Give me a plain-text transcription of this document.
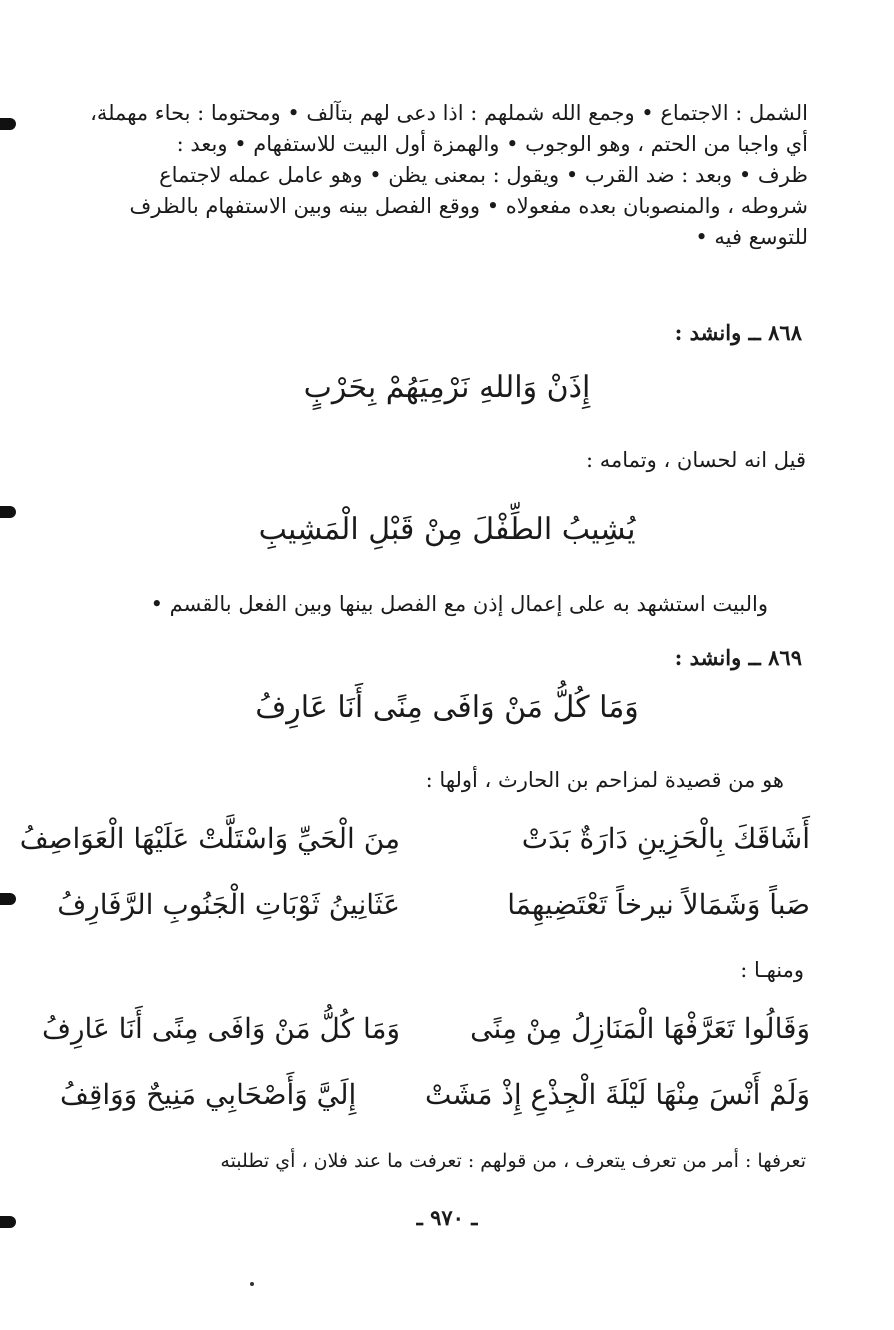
الشمل : الاجتماع • وجمع الله شملهم : اذا دعى لهم بتآلف • ومحتوما : بحاء مهملة،
أي واجبا من الحتم ، وهو الوجوب • والهمزة أول البيت للاستفهام • وبعد :
ظرف • وبعد : ضد القرب • ويقول : بمعنى يظن • وهو عامل عمله لاجتماع
شروطه ، والمنصوبان بعده مفعولاه • ووقع الفصل بينه وبين الاستفهام بالظرف
للتوسع فيه •
٨٦٨ ــ وانشد :
إِذَنْ وَاللهِ نَرْمِيَهُمْ بِحَرْبٍ
قيل انه لحسان ، وتمامه :
يُشِيبُ الطِّفْلَ مِنْ قَبْلِ الْمَشِيبِ
والبيت استشهد به على إعمال إذن مع الفصل بينها وبين الفعل بالقسم •
٨٦٩ ــ وانشد :
وَمَا كُلُّ مَنْ وَافَى مِنًى أَنَا عَارِفُ
هو من قصيدة لمزاحم بن الحارث ، أولها :
أَشَاقَكَ بِالْحَزِينِ دَارَةٌ بَدَتْ
مِنَ الْحَيِّ وَاسْتَلَّتْ عَلَيْهَا الْعَوَاصِفُ
صَباً وَشَمَالاً نيرخاً تَعْتَضِيهِمَا
عَثَانِينُ ثَوْبَاتِ الْجَنُوبِ الرَّفَارِفُ
ومنهـا :
وَقَالُوا تَعَرَّفْهَا الْمَنَازِلُ مِنْ مِنًى
وَمَا كُلُّ مَنْ وَافَى مِنًى أَنَا عَارِفُ
وَلَمْ أَنْسَ مِنْهَا لَيْلَةَ الْجِذْعِ إِذْ مَشَتْ
إِلَيَّ وَأَصْحَابِي مَنِيحٌ وَوَاقِفُ
تعرفها : أمر من تعرف يتعرف ، من قولهم : تعرفت ما عند فلان ، أي تطلبته
ـ ٩٧٠ ـ
